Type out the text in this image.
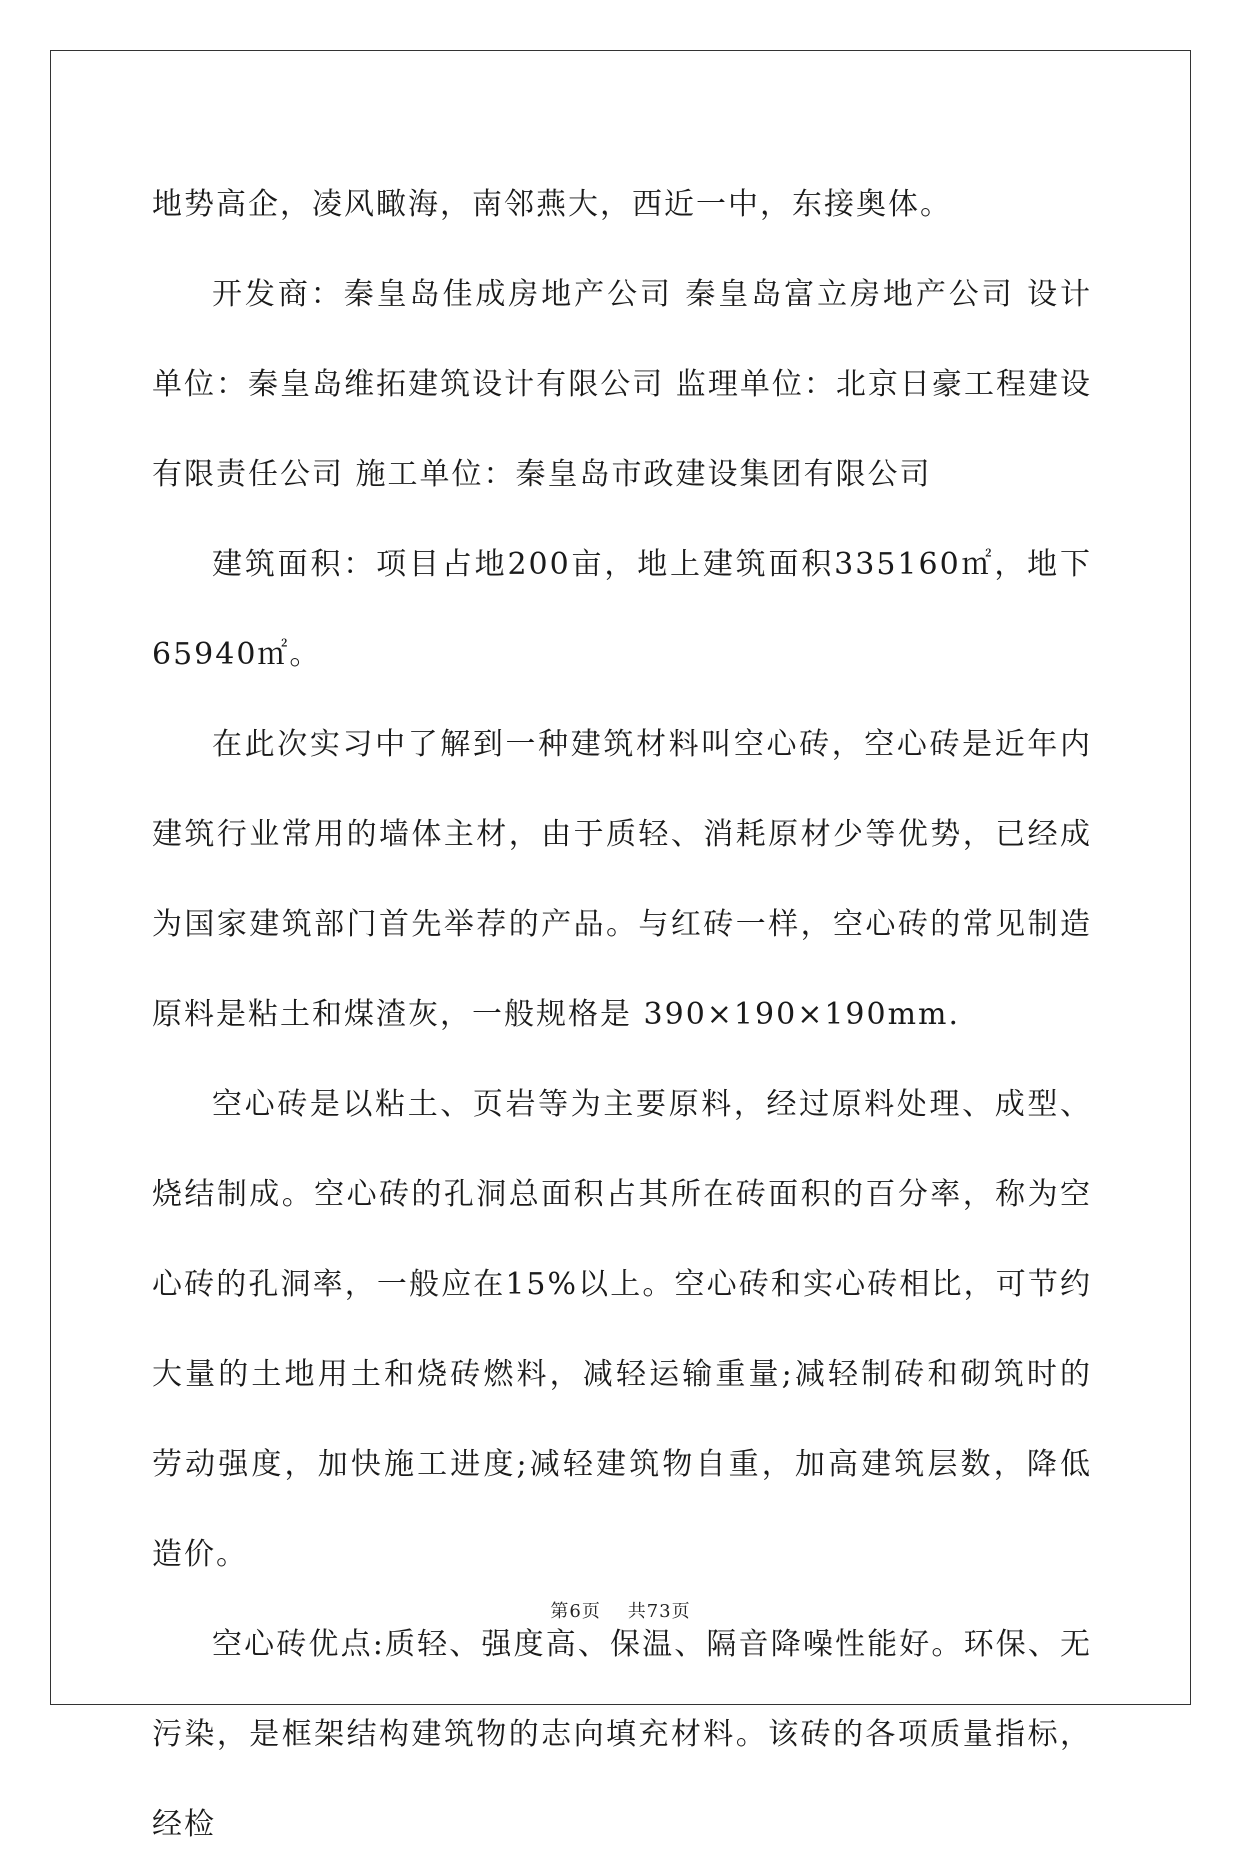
地势高企，凌风瞰海，南邻燕大，西近一中，东接奥体。

开发商：秦皇岛佳成房地产公司 秦皇岛富立房地产公司 设计单位：秦皇岛维拓建筑设计有限公司 监理单位：北京日豪工程建设有限责任公司 施工单位：秦皇岛市政建设集团有限公司

建筑面积：项目占地200亩，地上建筑面积335160㎡，地下65940㎡。

在此次实习中了解到一种建筑材料叫空心砖，空心砖是近年内建筑行业常用的墙体主材，由于质轻、消耗原材少等优势，已经成为国家建筑部门首先举荐的产品。与红砖一样，空心砖的常见制造原料是粘土和煤渣灰，一般规格是 390×190×190mm.

空心砖是以粘土、页岩等为主要原料，经过原料处理、成型、烧结制成。空心砖的孔洞总面积占其所在砖面积的百分率，称为空心砖的孔洞率，一般应在15%以上。空心砖和实心砖相比，可节约大量的土地用土和烧砖燃料，减轻运输重量;减轻制砖和砌筑时的劳动强度，加快施工进度;减轻建筑物自重，加高建筑层数，降低造价。

空心砖优点:质轻、强度高、保温、隔音降噪性能好。环保、无污染，是框架结构建筑物的志向填充材料。该砖的各项质量指标，经检

第6页 共73页
